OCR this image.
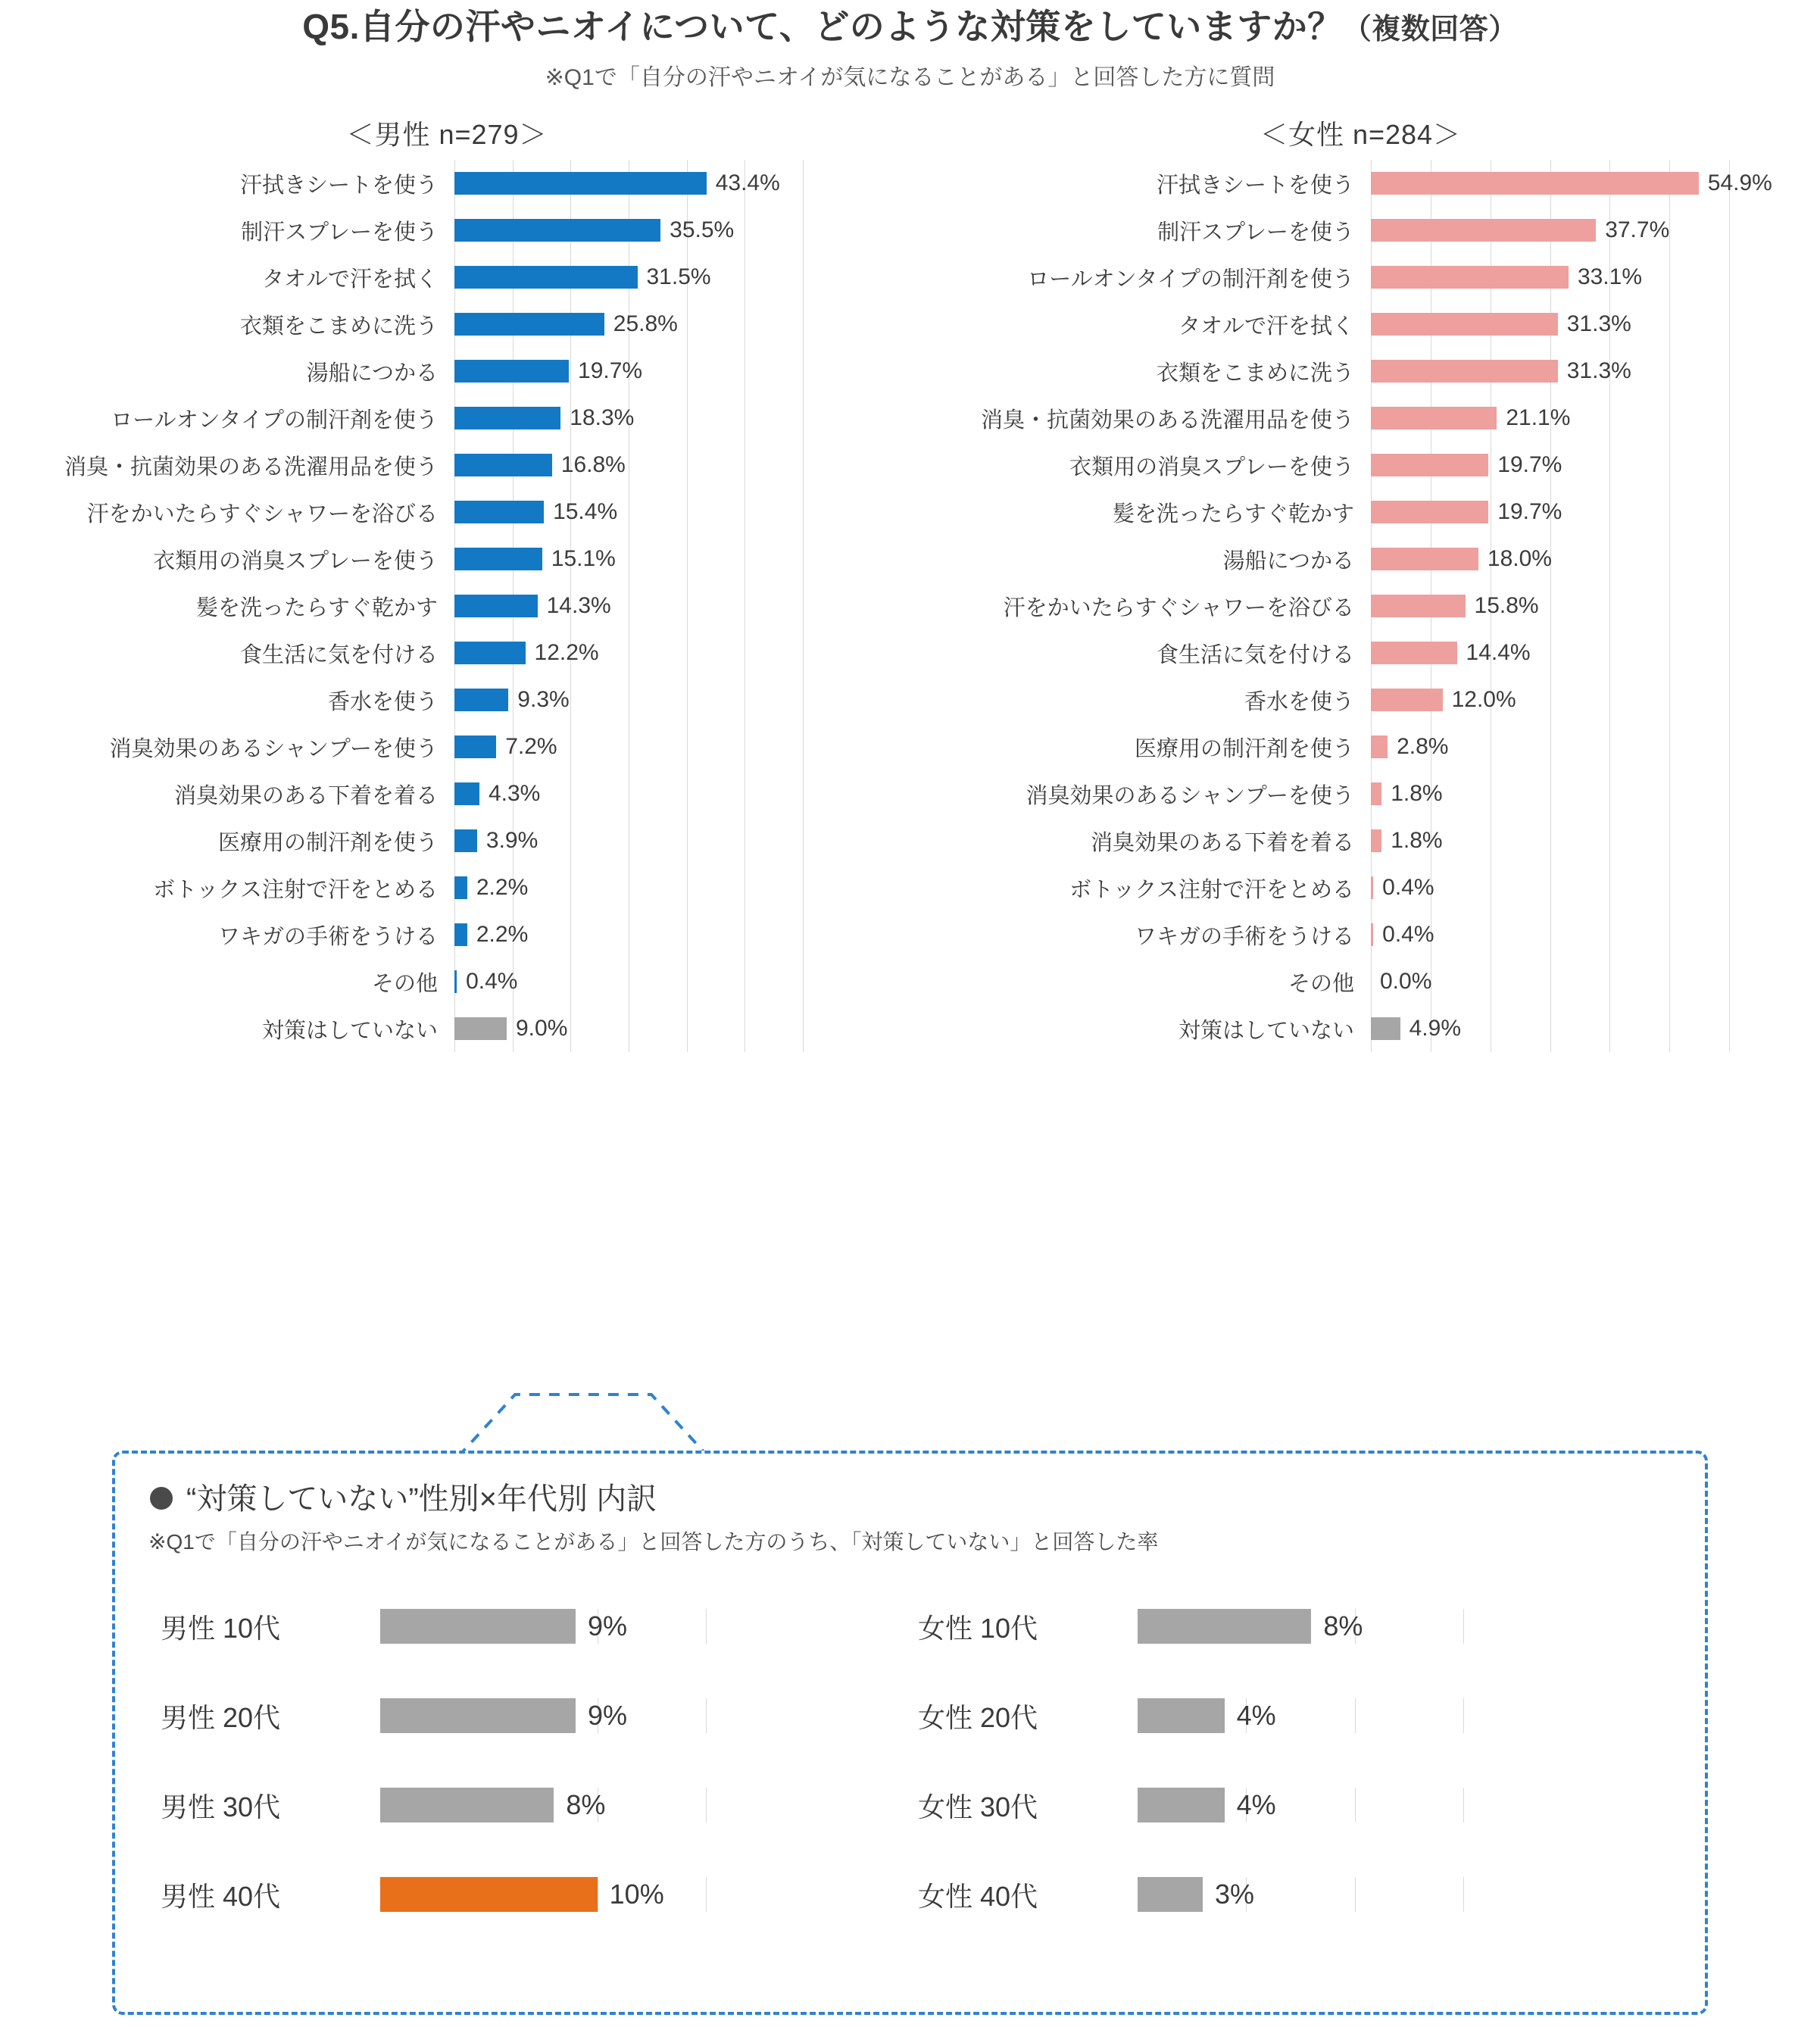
Q5.自分の汗やニオイについて、どのような対策をしていますか？（複数回答）
※Q1で「自分の汗やニオイが気になることがある」と回答した方に質問
＜男性 n=279＞
汗拭きシートを使う	43.4%
制汗スプレーを使う	35.5%
タオルで汗を拭く	31.5%
衣類をこまめに洗う	25.8%
湯船につかる	19.7%
ロールオンタイプの制汗剤を使う	18.3%
消臭・抗菌効果のある洗濯用品を使う	16.8%
汗をかいたらすぐシャワーを浴びる	15.4%
衣類用の消臭スプレーを使う	15.1%
髪を洗ったらすぐ乾かす	14.3%
食生活に気を付ける	12.2%
香水を使う	9.3%
消臭効果のあるシャンプーを使う	7.2%
消臭効果のある下着を着る	4.3%
医療用の制汗剤を使う	3.9%
ボトックス注射で汗をとめる	2.2%
ワキガの手術をうける	2.2%
その他	0.4%
対策はしていない	9.0%
＜女性 n=284＞
汗拭きシートを使う	54.9%
制汗スプレーを使う	37.7%
ロールオンタイプの制汗剤を使う	33.1%
タオルで汗を拭く	31.3%
衣類をこまめに洗う	31.3%
消臭・抗菌効果のある洗濯用品を使う	21.1%
衣類用の消臭スプレーを使う	19.7%
髪を洗ったらすぐ乾かす	19.7%
湯船につかる	18.0%
汗をかいたらすぐシャワーを浴びる	15.8%
食生活に気を付ける	14.4%
香水を使う	12.0%
医療用の制汗剤を使う	2.8%
消臭効果のあるシャンプーを使う	1.8%
消臭効果のある下着を着る	1.8%
ボトックス注射で汗をとめる	0.4%
ワキガの手術をうける	0.4%
その他	0.0%
対策はしていない	4.9%
“対策していない”性別×年代別 内訳
※Q1で「自分の汗やニオイが気になることがある」と回答した方のうち、「対策していない」と回答した率
男性 10代	9%
男性 20代	9%
男性 30代	8%
男性 40代	10%
女性 10代	8%
女性 20代	4%
女性 30代	4%
女性 40代	3%
